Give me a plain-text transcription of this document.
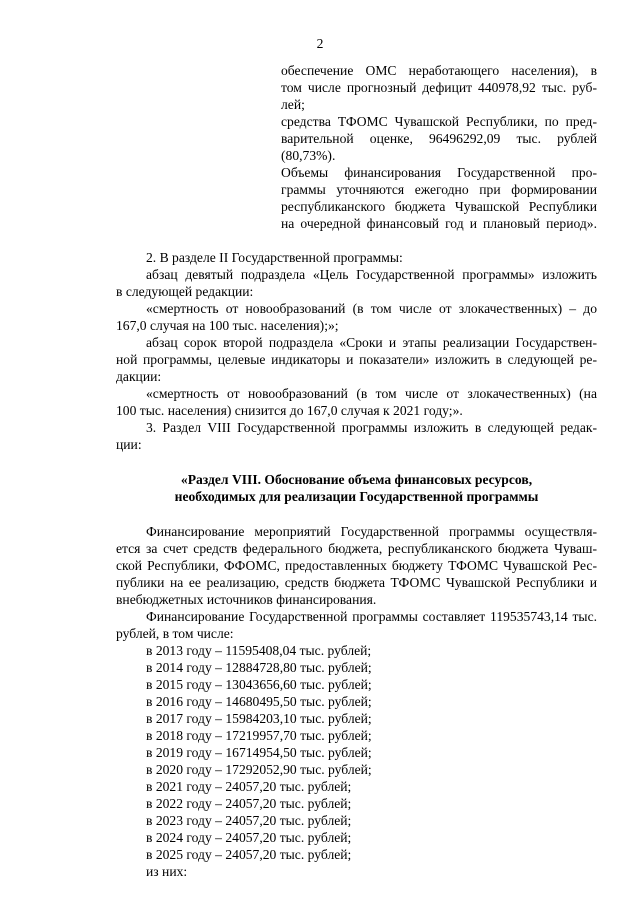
2
обеспечение ОМС неработающего населения), в
том числе прогнозный дефицит 440978,92 тыс. руб-
лей;
средства ТФОМС Чувашской Республики, по пред-
варительной оценке, 96496292,09 тыс. рублей
(80,73%).
Объемы финансирования Государственной про-
граммы уточняются ежегодно при формировании
республиканского бюджета Чувашской Республики
на очередной финансовый год и плановый период».
2. В разделе II Государственной программы:
абзац девятый подраздела «Цель Государственной программы» изложить
в следующей редакции:
«смертность от новообразований (в том числе от злокачественных) – до
167,0 случая на 100 тыс. населения);»;
абзац сорок второй подраздела «Сроки и этапы реализации Государствен-
ной программы, целевые индикаторы и показатели» изложить в следующей ре-
дакции:
«смертность от новообразований (в том числе от злокачественных) (на
100 тыс. населения) снизится до 167,0 случая к 2021 году;».
3. Раздел VIII Государственной программы изложить в следующей редак-
ции:
«Раздел VIII. Обоснование объема финансовых ресурсов,
необходимых для реализации Государственной программы
Финансирование мероприятий Государственной программы осуществля-
ется за счет средств федерального бюджета, республиканского бюджета Чуваш-
ской Республики, ФФОМС, предоставленных бюджету ТФОМС Чувашской Рес-
публики на ее реализацию, средств бюджета ТФОМС Чувашской Республики и
внебюджетных источников финансирования.
Финансирование Государственной программы составляет 119535743,14 тыс.
рублей, в том числе:
в 2013 году – 11595408,04 тыс. рублей;
в 2014 году – 12884728,80 тыс. рублей;
в 2015 году – 13043656,60 тыс. рублей;
в 2016 году – 14680495,50 тыс. рублей;
в 2017 году – 15984203,10 тыс. рублей;
в 2018 году – 17219957,70 тыс. рублей;
в 2019 году – 16714954,50 тыс. рублей;
в 2020 году – 17292052,90 тыс. рублей;
в 2021 году – 24057,20 тыс. рублей;
в 2022 году – 24057,20 тыс. рублей;
в 2023 году – 24057,20 тыс. рублей;
в 2024 году – 24057,20 тыс. рублей;
в 2025 году – 24057,20 тыс. рублей;
из них:
